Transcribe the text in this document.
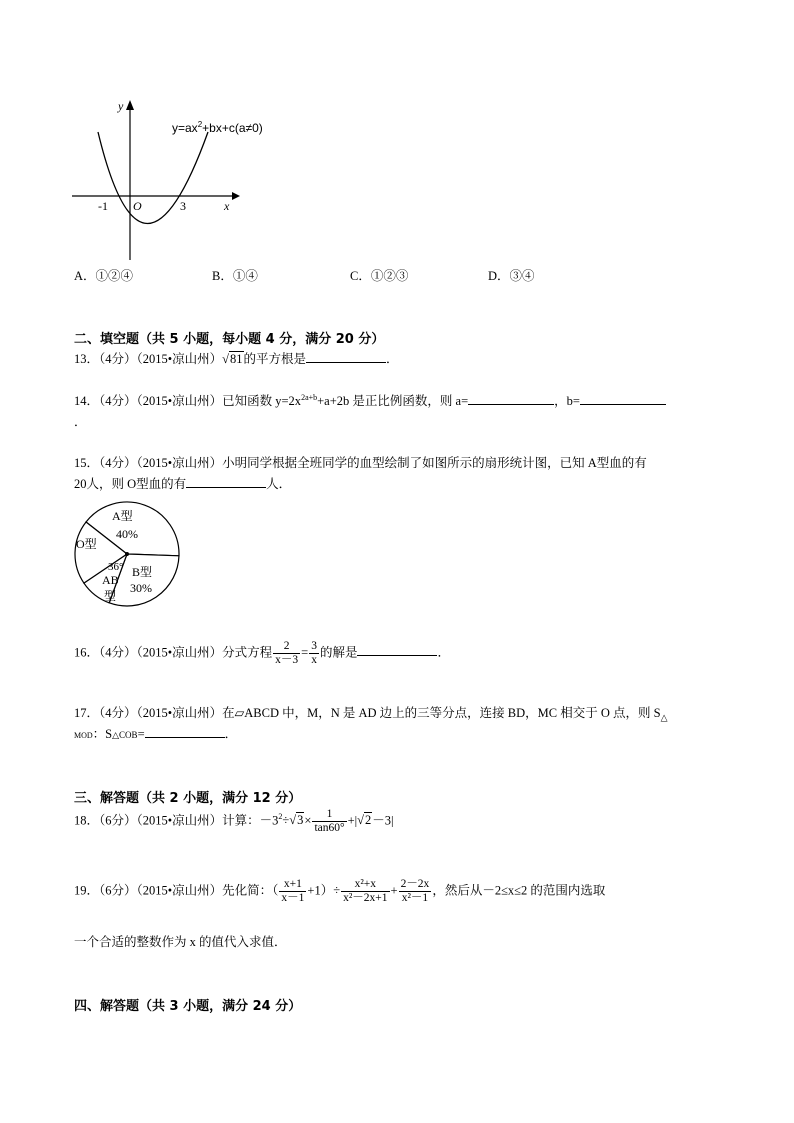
y
x
O
-1	3
$y=ax^2+bx+c(a\ne 0)$
A．①②④	B．①④	C．①②③	D．③④
二、填空题（共 5 小题，每小题 4 分，满分 20 分）
13．（4分）（2015•凉山州）√81的平方根是	．
14．（4分）（2015•凉山州）已知函数 $y=2x^{2a+b}+a+2b$ 是正比例函数，则 a=	，b=
．
15．（4分）（2015•凉山州）小明同学根据全班同学的血型绘制了如图所示的扇形统计图，已知 A型血的有
20人，则 O型血的有	人．
A型
40%
O型
36°
AB
型
B型
30%
16．（4分）（2015•凉山州）分式方程 $\frac{2}{x-3} = \frac{3}{x}$ 的解是	．
17．（4分）（2015•凉山州）在▱ABCD 中，M，N 是 AD 边上的三等分点，连接 BD，MC 相交于 O 点，则 $S_\triangle$
MOD：S△COB=	．
三、解答题（共 2 小题，满分 12 分）
18．（6分）（2015•凉山州）计算：$-3^2\div√3\times \frac{1}{\tan 60^\circ} +|√2-3|$
19．（6分）（2015•凉山州）先化简：（ $\frac{x+1}{x-1} +1)\div \frac{\text{x²+x}}{\text{x²－2x+1}} + \frac{2-2x}{\text{x²－1}}$ ，然后从－2≤x≤2 的范围内选取
一个合适的整数作为 x 的值代入求值．
四、解答题（共 3 小题，满分 24 分）
